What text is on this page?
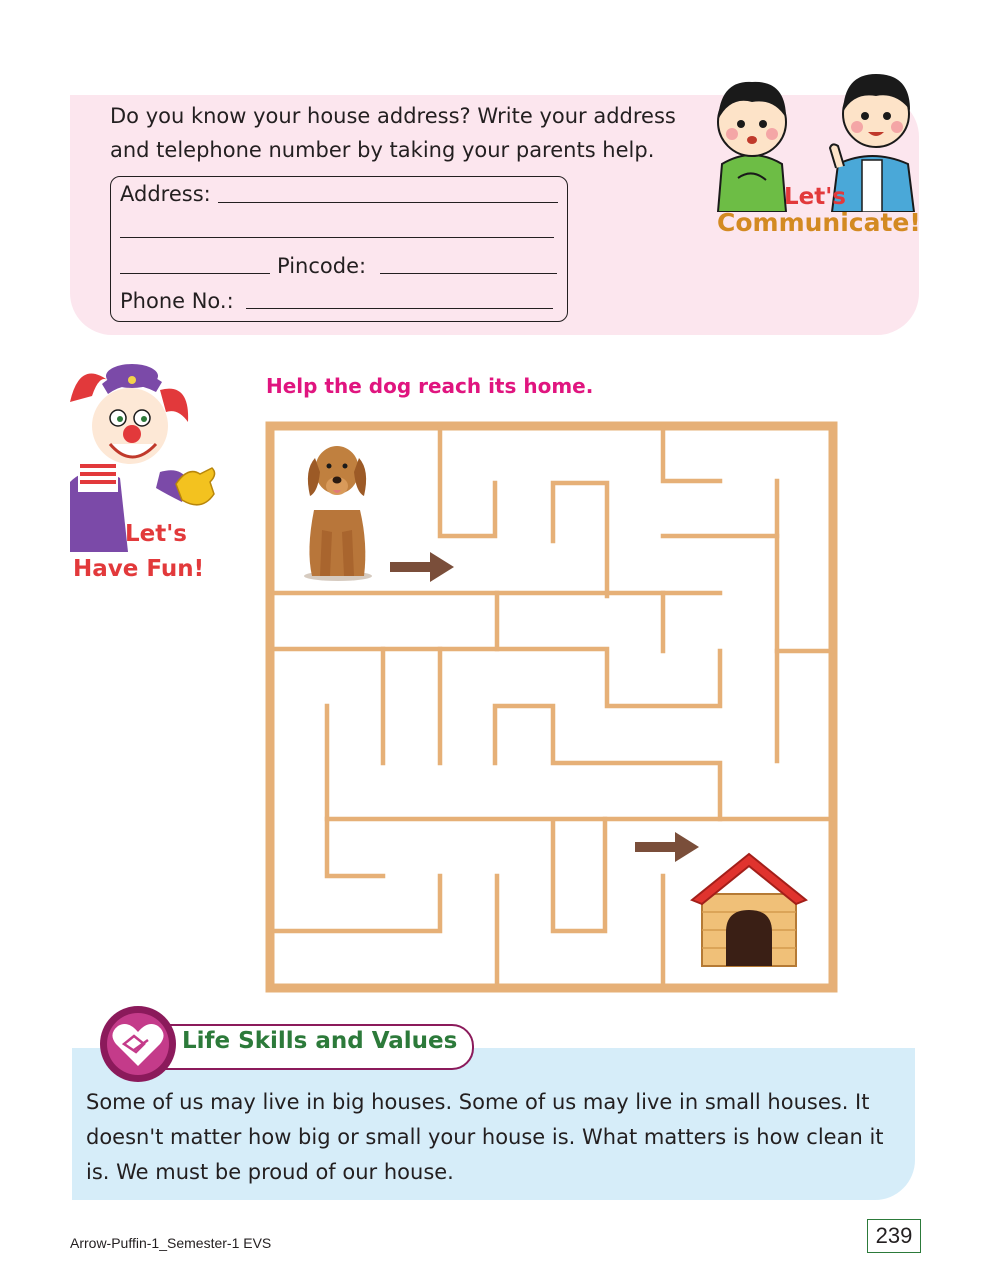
Do you know your house address? Write your address
and telephone number by taking your parents help.
Address:
Pincode:
Phone No.:
Let's
Communicate!
Let's
Have Fun!
Help the dog reach its home.
Life Skills and Values
Some of us may live in big houses. Some of us may live in small houses. It
doesn't matter how big or small your house is. What matters is how clean it
is. We must be proud of our house.
Arrow-Puffin-1_Semester-1 EVS	239
